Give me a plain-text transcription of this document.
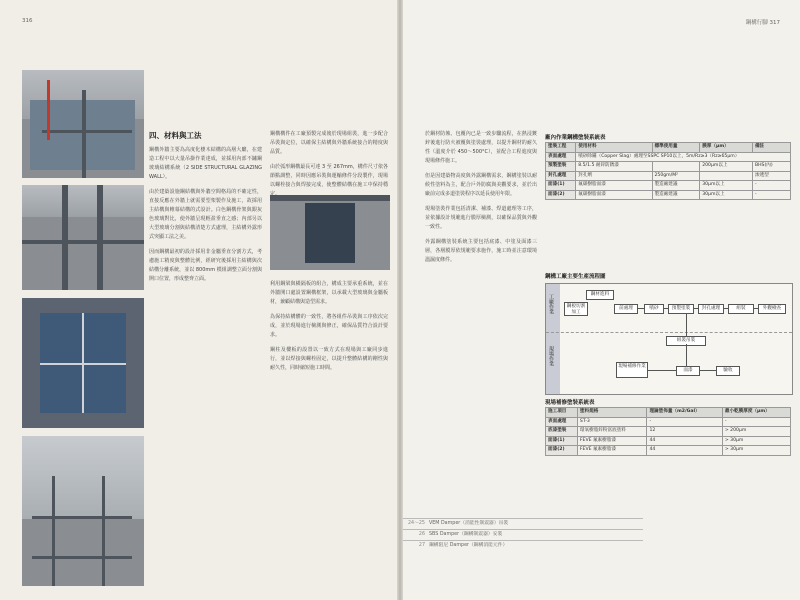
316
四、材料與工法

鋼構外牆主要為高度化棲木結構的高層大廳，在建造工程中以大量吊掛作業達成，並採用內部不鏽鋼玻璃結構系統（2 SIDE STRUCTURAL GLAZING WALL）。

由於建築設施鋼結構與外牆空間格局的不確定性，直接反應在外牆上就需要型架製作及施工，故採用主結構與帷幕結構的式設計。白色鋼構骨架與銀灰色玻璃對比，使外牆呈現輕盈垂直之感；內部另以大型玻璃分割與結構清楚方式處理，主結構外露形式突顯工法之美。

因而鋼構最初的設計採用非金屬垂直分割方式，考慮施工精度與整體比例，經研究後採用主結構與次結構分離系統，並以 800mm 模組調整立面分割與開口位置，形成整齊立面。

鋼構構件在工廠預製完成後於現場組裝，進一步配合吊裝與定位，以確保主結構與外牆系統接合的精度與品質。

由於弧形鋼構最長可達 3 至 267mm，構件尺寸依各節點調整，同時因應吊裝與運輸條件分段製作，現場以螺栓接合與焊接完成，使整體結構在施工中保持穩定。

利用鋼梁與橫隔板的組合，構成主要承重系統，並在外牆開口處設置鋼構框架，以承載大型玻璃與金屬板材，兼顧結構與造型需求。

為保持結構體的一致性，將各組件吊裝與工序依次完成，並於現場進行檢測與修正，確保品質符合設計要求。

鋼柱及樓板的設置以一致方式在現場與工廠同步進行，並以焊接與螺栓固定，以提升整體結構的剛性與耐久性，同時縮短施工時間。

鋼構行腳 317

於鋼材防蝕、包覆內已是一致步驟流程，在熱浸鍍鋅後進行防火被覆與塗裝處理，以提升鋼材的耐久性（溫度介於 450～500°C），並配合工程進度與現場條件施工。

但是因建築物高度與外露鋼構需求，鋼構塗裝以耐候性塗料為主，配合戶外防腐與美觀要求，並於出廠前完成多道塗裝程序以延長使用年限。

現場塗裝作業包括清潔、補漆、焊道處理等工序，並依據設計規範進行膜厚檢測，以確保品質與外觀一致性。

外露鋼構塗裝系統主要包括底漆、中塗及面漆三層，各層膜厚依規範要求施作，施工時並注意環境溫濕度條件。

廠內作業鋼構塗裝系統表
塗裝工程	使用材料	標準使用量	膜厚（μm）	備註
表面處理	噴砂除鏽（Copper Slag）處理至SSPC SP10以上，5m/Rz≥3（Rz≥65μm）			
預製塗裝	8.5/1.5 耐鋅防銹漆		200μm以上	BHS(內)
封孔處理	封孔劑	250gm/M²		渗透型
面漆(1)	氟碳樹脂面漆	製造廠建議	30μm以上	-
面漆(2)	氟碳樹脂面漆	製造廠建議	30μm以上	-
鋼構工廠主要生產流程圖
工廠作業
現場作業
鋼材進料
鋼板切割加工
前處理	噴砂	預製塗裝	封孔處理	組裝	外觀檢查
組裝吊裝
現場補修作業
面漆	驗收
現場補修塗裝系統表
施工項目	塗料規格	理論塗佈量（m2/Gal）	最小乾膜厚度（μm）
表面處理	ST-3	-	-
底漆塗裝	環氧樹脂鋅粉富底塗料	12	> 200μm
面漆(1)	FEVE 氟素樹脂漆	44	> 30μm
面漆(2)	FEVE 氟素樹脂漆	44	> 30μm
24～25 VEM Damper（消能性制震器）吊裝
26 SBS Damper（鋼構制震器）安裝
27 鋼構阻尼 Damper（鋼構消能元件）
